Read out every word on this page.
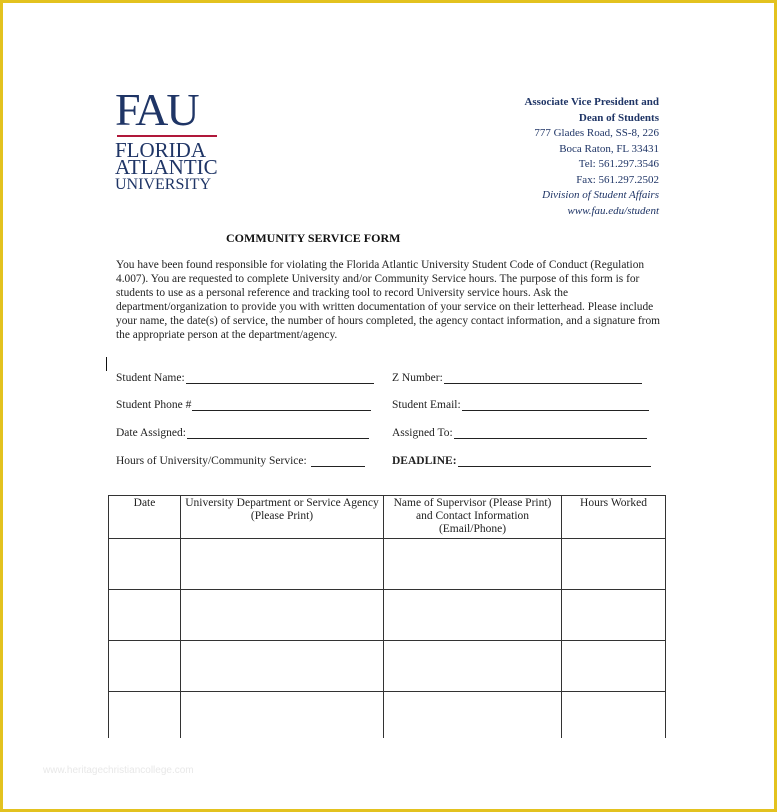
FAU
FLORIDA
ATLANTIC
UNIVERSITY
Associate Vice President and
Dean of Students
777 Glades Road, SS-8, 226
Boca Raton, FL 33431
Tel: 561.297.3546
Fax: 561.297.2502
Division of Student Affairs
www.fau.edu/student
COMMUNITY SERVICE FORM
You have been found responsible for violating the Florida Atlantic University Student Code of Conduct (Regulation 4.007). You are requested to complete University and/or Community Service hours. The purpose of this form is for students to use as a personal reference and tracking tool to record University service hours. Ask the department/organization to provide you with written documentation of your service on their letterhead. Please include your name, the date(s) of service, the number of hours completed, the agency contact information, and a signature from the appropriate person at the department/agency.
Student Name:	Z Number:
Student Phone #	Student Email:
Date Assigned:	Assigned To:
Hours of University/Community Service:	DEADLINE:
Date	University Department or Service Agency (Please Print)	Name of Supervisor (Please Print) and Contact Information (Email/Phone)	Hours Worked

www.heritagechristiancollege.com
